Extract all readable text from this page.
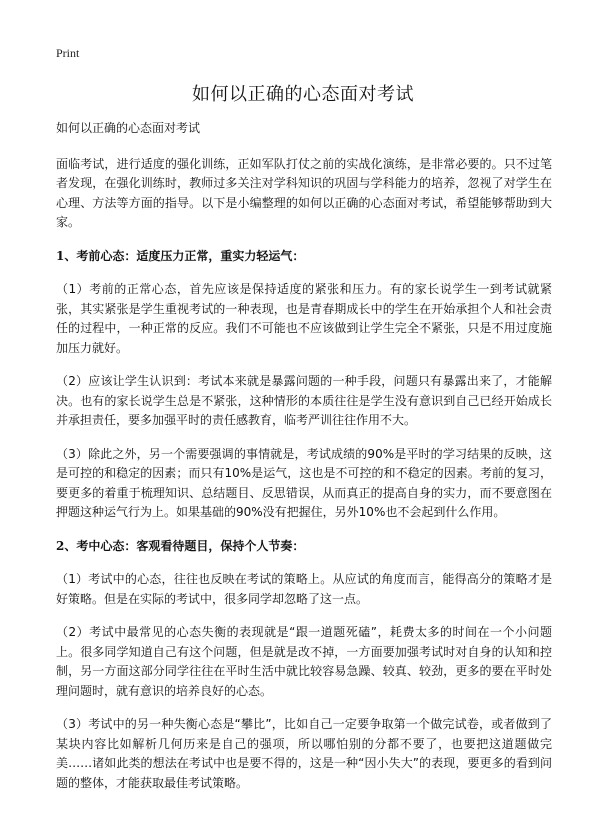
Print
如何以正确的心态面对考试

如何以正确的心态面对考试

面临考试，进行适度的强化训练，正如军队打仗之前的实战化演练，是非常必要的。只不过笔者发现，在强化训练时，教师过多关注对学科知识的巩固与学科能力的培养，忽视了对学生在心理、方法等方面的指导。以下是小编整理的如何以正确的心态面对考试，希望能够帮助到大家。

1、考前心态：适度压力正常，重实力轻运气：

（1）考前的正常心态，首先应该是保持适度的紧张和压力。有的家长说学生一到考试就紧张，其实紧张是学生重视考试的一种表现，也是青春期成长中的学生在开始承担个人和社会责任的过程中，一种正常的反应。我们不可能也不应该做到让学生完全不紧张，只是不用过度施加压力就好。

（2）应该让学生认识到：考试本来就是暴露问题的一种手段，问题只有暴露出来了，才能解决。也有的家长说学生总是不紧张，这种情形的本质往往是学生没有意识到自己已经开始成长并承担责任，要多加强平时的责任感教育，临考严训往往作用不大。

（3）除此之外，另一个需要强调的事情就是，考试成绩的90%是平时的学习结果的反映，这是可控的和稳定的因素；而只有10%是运气，这也是不可控的和不稳定的因素。考前的复习，要更多的着重于梳理知识、总结题目、反思错误，从而真正的提高自身的实力，而不要意图在押题这种运气行为上。如果基础的90%没有把握住，另外10%也不会起到什么作用。

2、考中心态：客观看待题目，保持个人节奏：

（1）考试中的心态，往往也反映在考试的策略上。从应试的角度而言，能得高分的策略才是好策略。但是在实际的考试中，很多同学却忽略了这一点。

（2）考试中最常见的心态失衡的表现就是“跟一道题死磕”，耗费太多的时间在一个小问题上。很多同学知道自己有这个问题，但是就是改不掉，一方面要加强考试时对自身的认知和控制，另一方面这部分同学往往在平时生活中就比较容易急躁、较真、较劲，更多的要在平时处理问题时，就有意识的培养良好的心态。

（3）考试中的另一种失衡心态是“攀比”，比如自己一定要争取第一个做完试卷，或者做到了某块内容比如解析几何历来是自己的强项，所以哪怕别的分都不要了，也要把这道题做完美……诸如此类的想法在考试中也是要不得的，这是一种“因小失大”的表现，要更多的看到问题的整体，才能获取最佳考试策略。
